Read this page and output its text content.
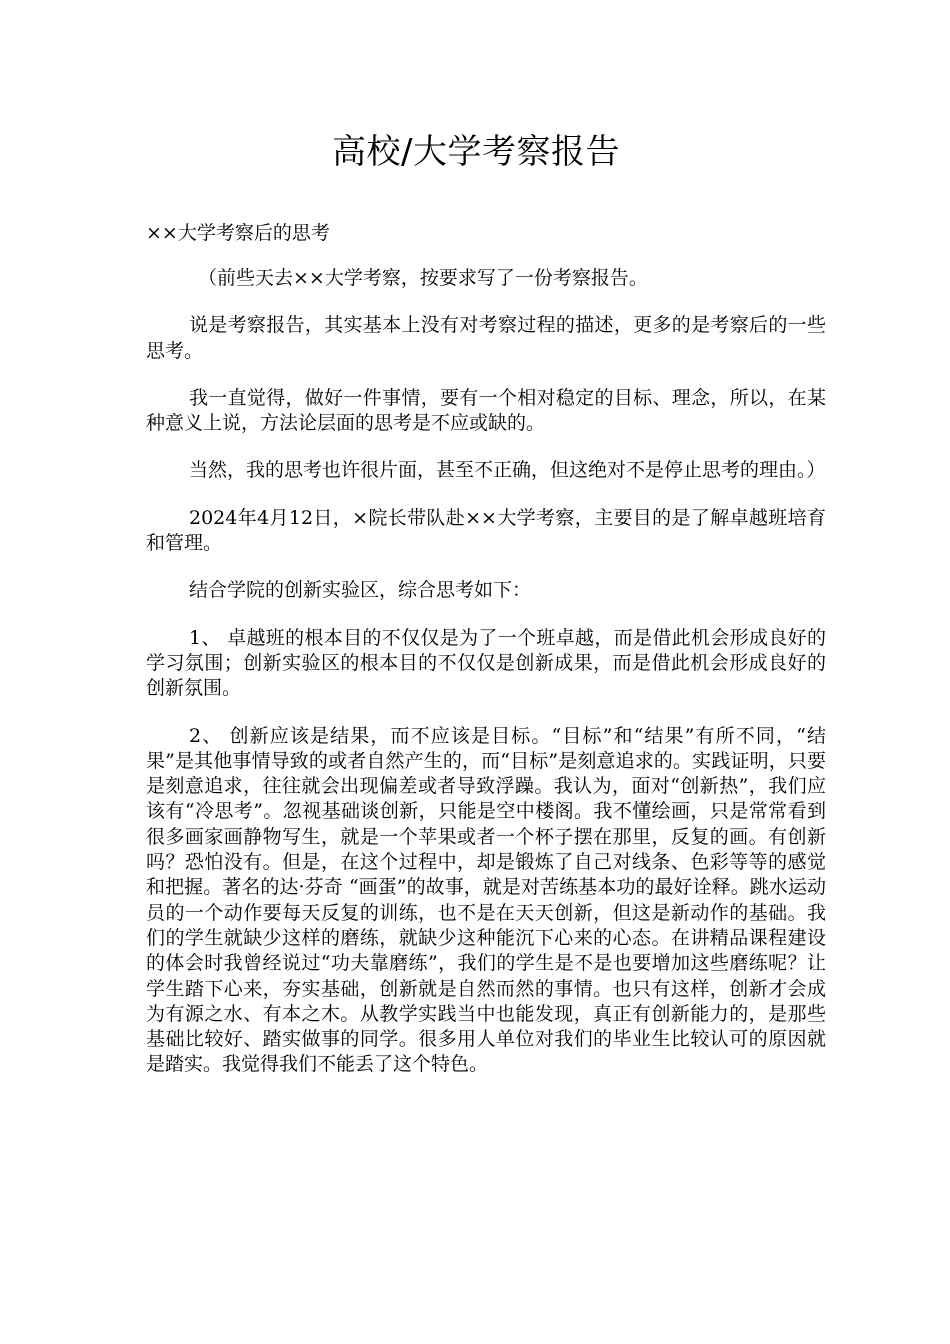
高校/大学考察报告

××大学考察后的思考

（前些天去××大学考察，按要求写了一份考察报告。

说是考察报告，其实基本上没有对考察过程的描述，更多的是考察后的一些思考。

我一直觉得，做好一件事情，要有一个相对稳定的目标、理念，所以，在某种意义上说，方法论层面的思考是不应或缺的。

当然，我的思考也许很片面，甚至不正确，但这绝对不是停止思考的理由。）

2024年4月12日，×院长带队赴××大学考察，主要目的是了解卓越班培育和管理。

结合学院的创新实验区，综合思考如下：

1、 卓越班的根本目的不仅仅是为了一个班卓越，而是借此机会形成良好的学习氛围；创新实验区的根本目的不仅仅是创新成果，而是借此机会形成良好的创新氛围。

2、 创新应该是结果，而不应该是目标。“目标”和“结果”有所不同，“结果”是其他事情导致的或者自然产生的，而“目标”是刻意追求的。实践证明，只要是刻意追求，往往就会出现偏差或者导致浮躁。我认为，面对“创新热”，我们应该有“冷思考”。忽视基础谈创新，只能是空中楼阁。我不懂绘画，只是常常看到很多画家画静物写生，就是一个苹果或者一个杯子摆在那里，反复的画。有创新吗？恐怕没有。但是，在这个过程中，却是锻炼了自己对线条、色彩等等的感觉和把握。著名的达·芬奇 “画蛋”的故事，就是对苦练基本功的最好诠释。跳水运动员的一个动作要每天反复的训练，也不是在天天创新，但这是新动作的基础。我们的学生就缺少这样的磨练，就缺少这种能沉下心来的心态。在讲精品课程建设的体会时我曾经说过“功夫靠磨练”，我们的学生是不是也要增加这些磨练呢？让学生踏下心来，夯实基础，创新就是自然而然的事情。也只有这样，创新才会成为有源之水、有本之木。从教学实践当中也能发现，真正有创新能力的，是那些基础比较好、踏实做事的同学。很多用人单位对我们的毕业生比较认可的原因就是踏实。我觉得我们不能丢了这个特色。
